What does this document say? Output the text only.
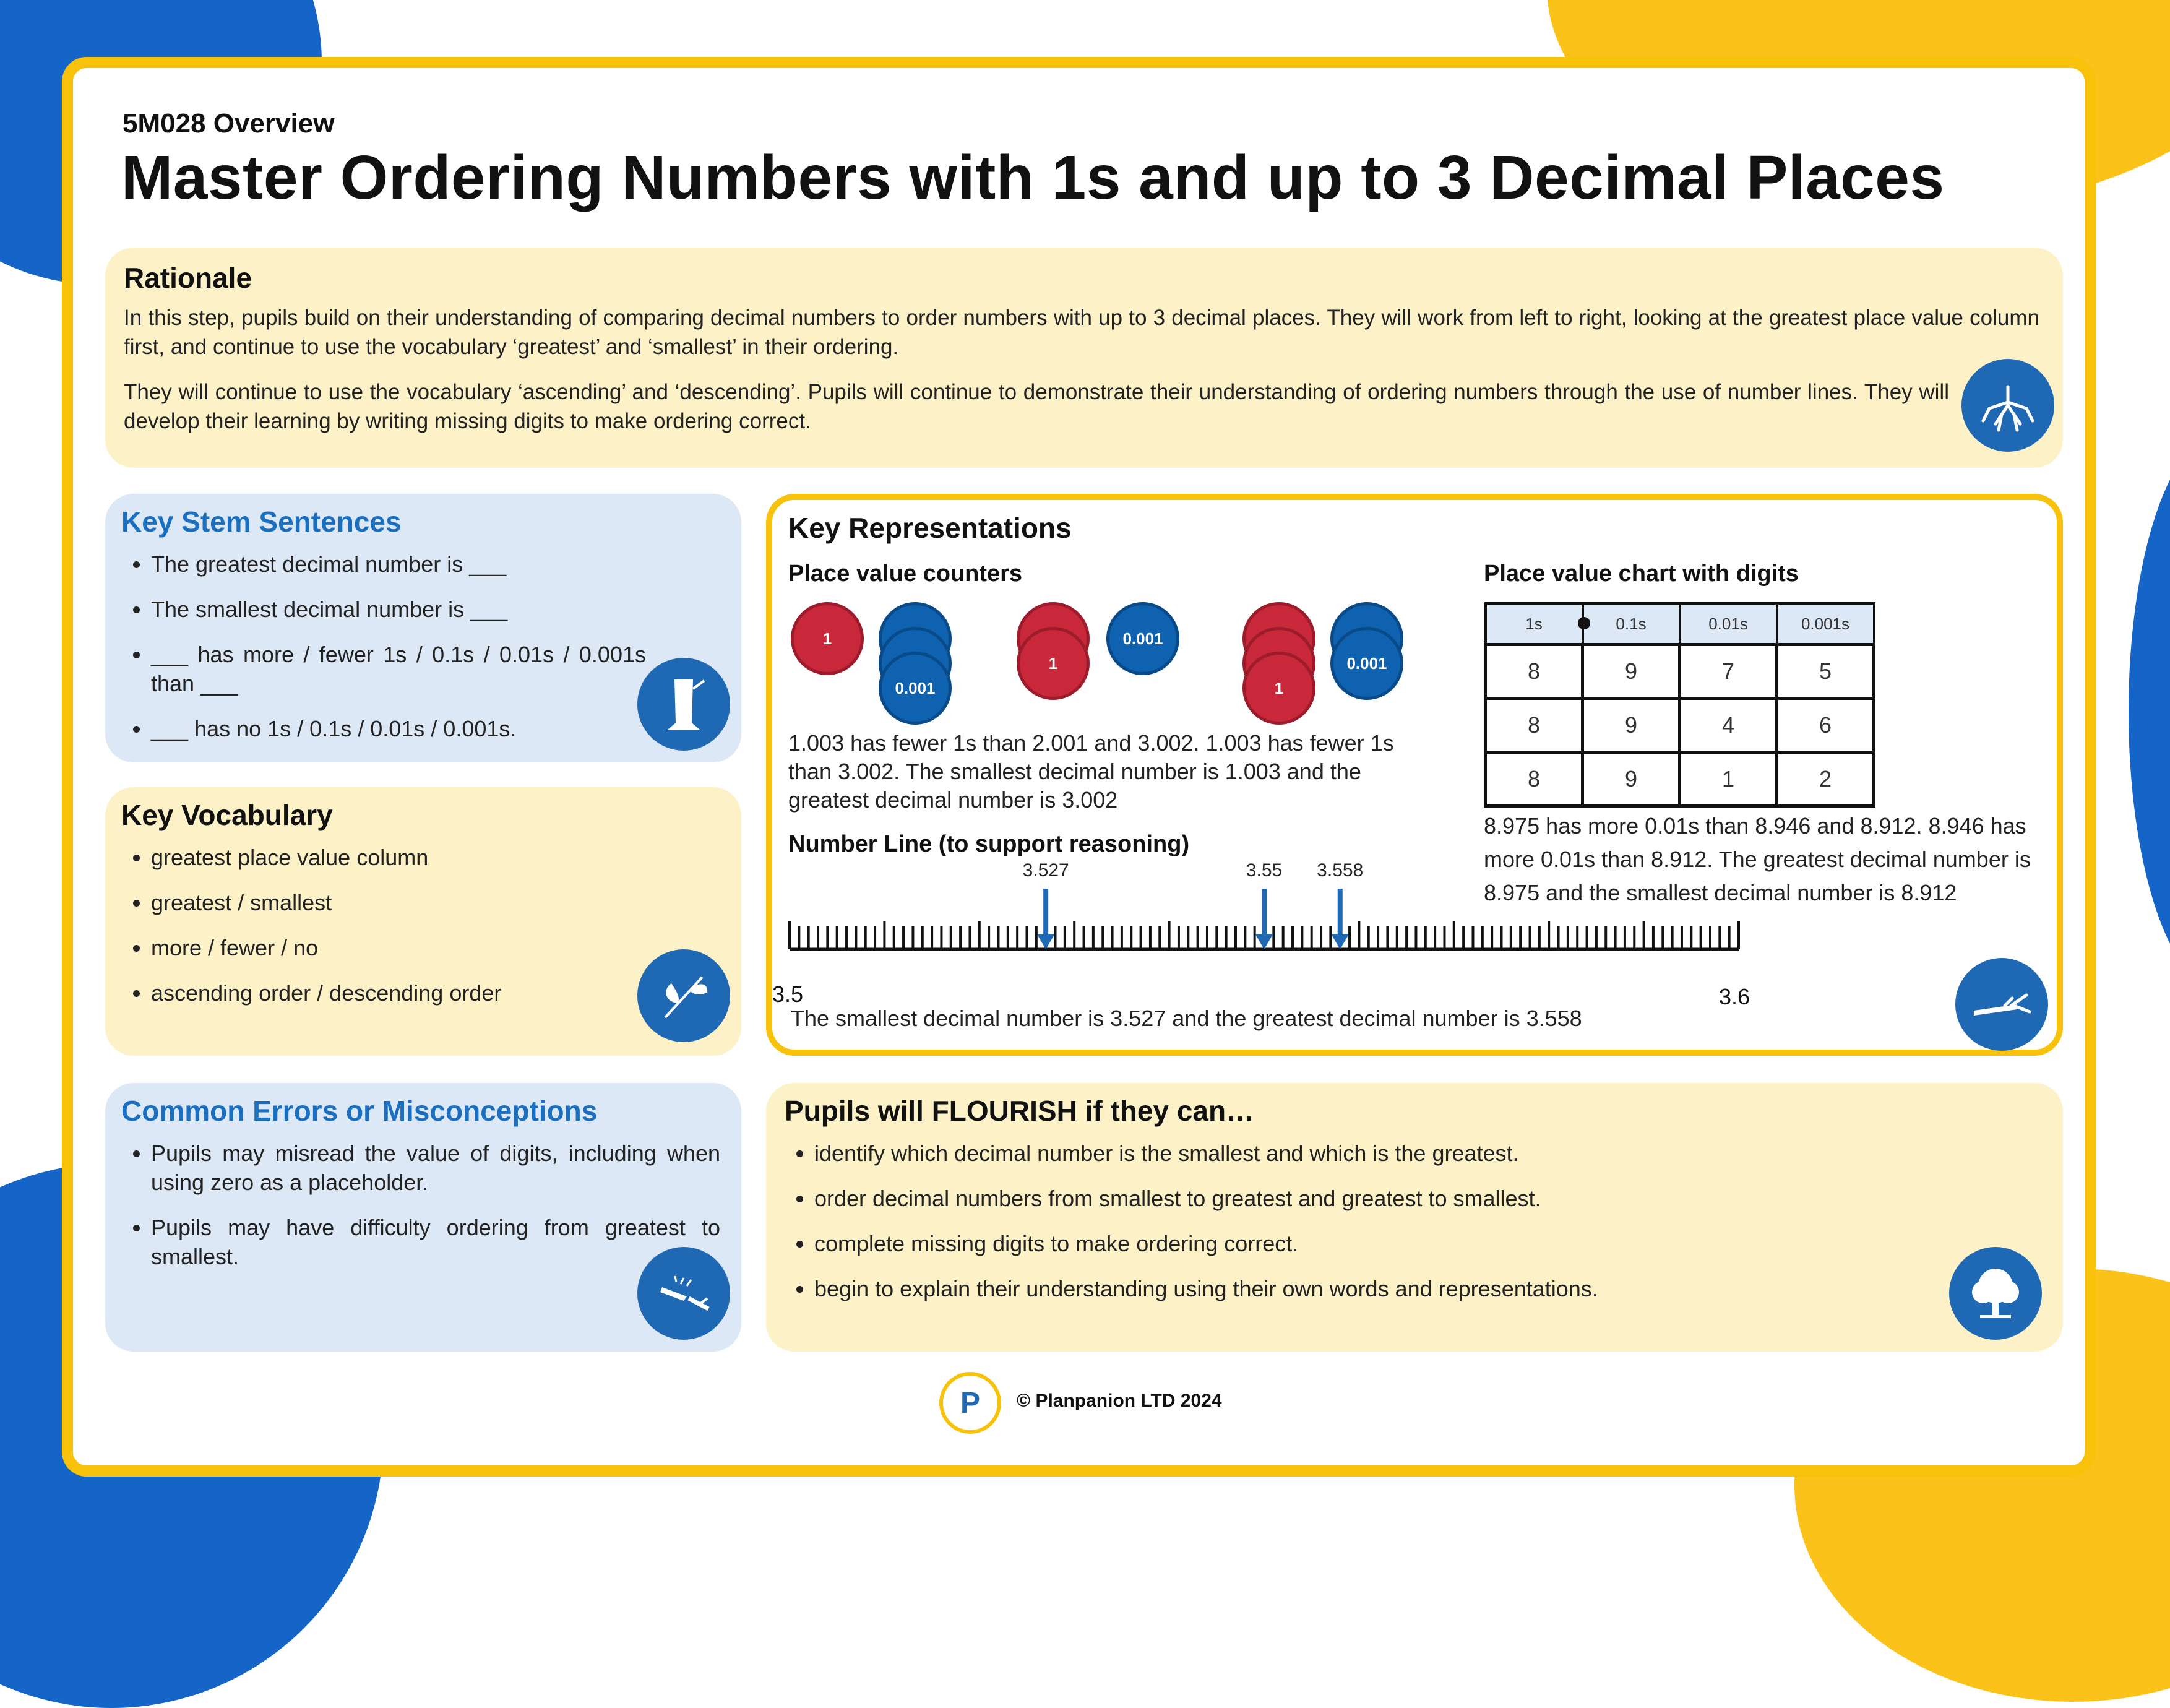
5M028 Overview
Master Ordering Numbers with 1s and up to 3 Decimal Places
Rationale

In this step, pupils build on their understanding of comparing decimal numbers to order numbers with up to 3 decimal places. They will work from left to right, looking at the greatest place value column first, and continue to use the vocabulary ‘greatest’ and ‘smallest’ in their ordering.

They will continue to use the vocabulary ‘ascending’ and ‘descending’. Pupils will continue to demonstrate their understanding of ordering numbers through the use of number lines. They will develop their learning by writing missing digits to make ordering correct.

Key Stem Sentences
• The greatest decimal number is ___
• The smallest decimal number is ___
• ___ has more / fewer 1s / 0.1s / 0.01s / 0.001s than ___
• ___ has no 1s / 0.1s / 0.01s / 0.001s.
Key Vocabulary
• greatest place value column
• greatest / smallest
• more / fewer / no
• ascending order / descending order
Common Errors or Misconceptions
• Pupils may misread the value of digits, including when using zero as a placeholder.
• Pupils may have difficulty ordering from greatest to smallest.
Key Representations
Place value counters
1
0.001
1
0.001
1
0.001
1.003 has fewer 1s than 2.001 and 3.002. 1.003 has fewer 1s than 3.002. The smallest decimal number is 1.003 and the greatest decimal number is 3.002
Place value chart with digits
1s	0.1s	0.01s	0.001s
8	9	7	5
8	9	4	6
8	9	1	2
8.975 has more 0.01s than 8.946 and 8.912. 8.946 has more 0.01s than 8.912. The greatest decimal number is 8.975 and the smallest decimal number is 8.912
Number Line (to support reasoning)
3.527	3.55 3.558
3.5	3.6
The smallest decimal number is 3.527 and the greatest decimal number is 3.558
Pupils will FLOURISH if they can…
• identify which decimal number is the smallest and which is the greatest.
• order decimal numbers from smallest to greatest and greatest to smallest.
• complete missing digits to make ordering correct.
• begin to explain their understanding using their own words and representations.
P © Planpanion LTD 2024
